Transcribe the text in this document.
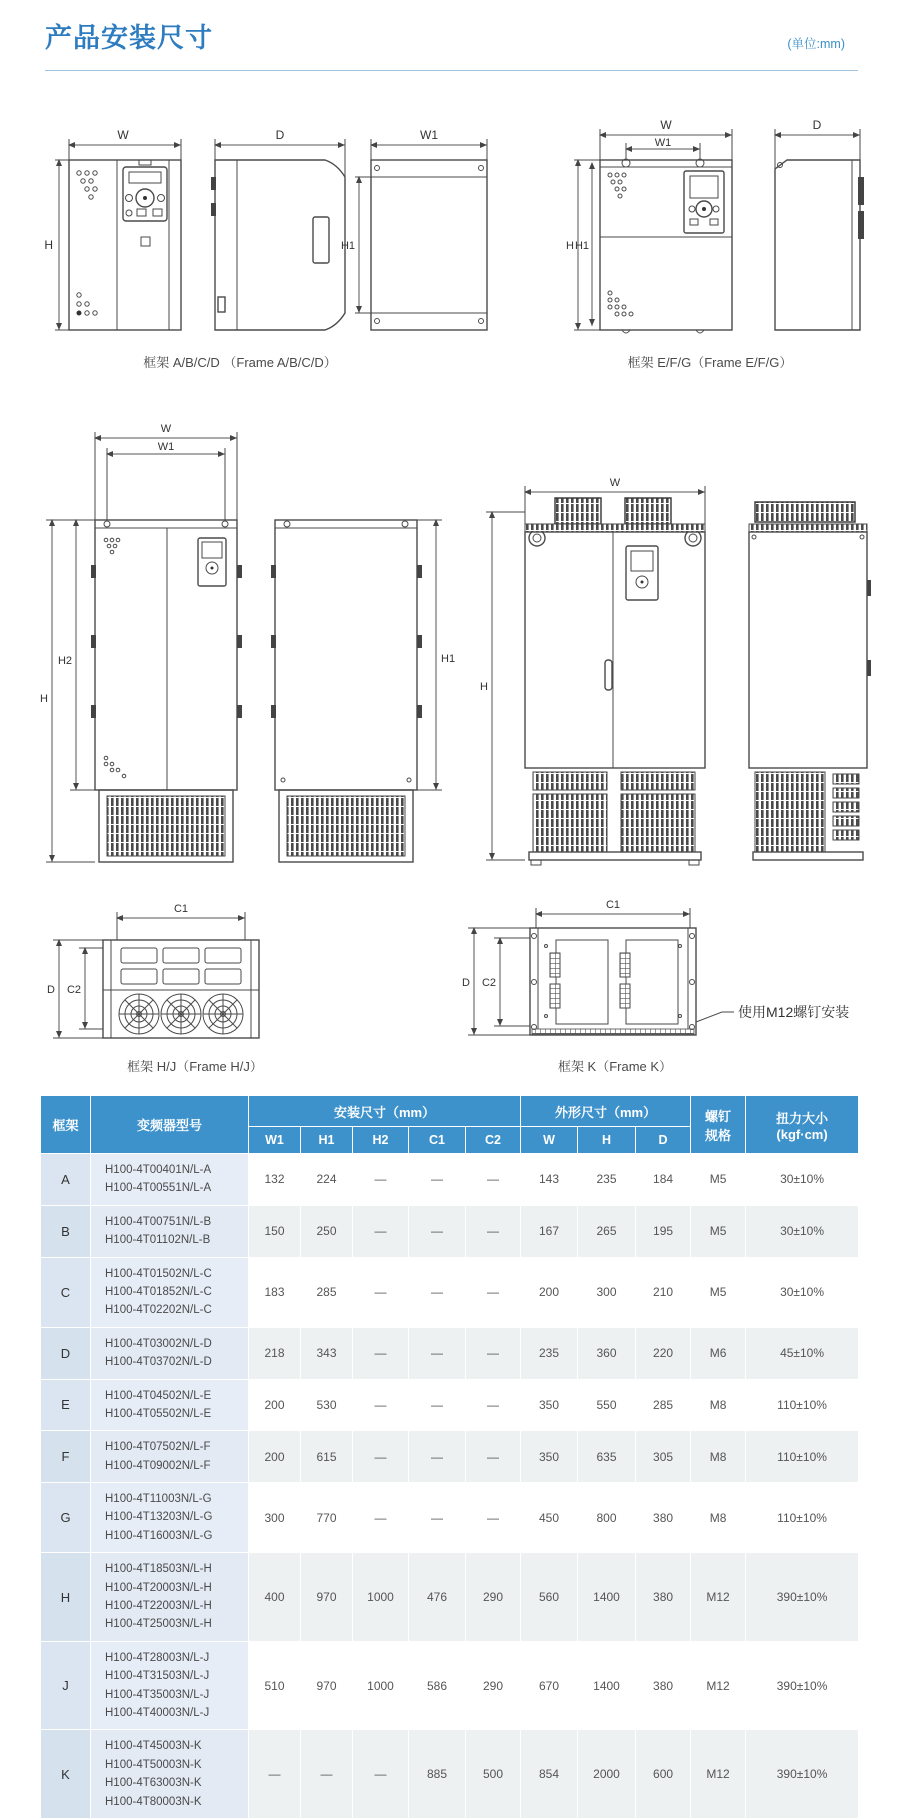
产品安装尺寸	(单位:mm)
W
H
D	W1
H1
W
W1
H H1
D
框架 A/B/C/D （Frame A/B/C/D）	框架 E/F/G（Frame E/F/G）
W
W1
H
H2	H1
W
H
C1
D C2
C1
D C2
使用M12螺钉安装
框架 H/J（Frame H/J）	框架 K（Frame K）
框架	变频器型号	安装尺寸（mm）	外形尺寸（mm）	螺钉
规格

扭力大小
(kgf·cm)

		W1	H1	H2	C1	C2	W	H	D		
A	H100-4T00401N/L-A
H100-4T00551N/L-A	132	224	—	—	—	143	235	184	M5	30±10%
B	H100-4T00751N/L-B
H100-4T01102N/L-B	150	250	—	—	—	167	265	195	M5	30±10%
C	H100-4T01502N/L-C
H100-4T01852N/L-C
H100-4T02202N/L-C	183	285	—	—	—	200	300	210	M5	30±10%
D	H100-4T03002N/L-D
H100-4T03702N/L-D	218	343	—	—	—	235	360	220	M6	45±10%
E	H100-4T04502N/L-E
H100-4T05502N/L-E	200	530	—	—	—	350	550	285	M8	110±10%
F	H100-4T07502N/L-F
H100-4T09002N/L-F	200	615	—	—	—	350	635	305	M8	110±10%
G	H100-4T11003N/L-G
H100-4T13203N/L-G
H100-4T16003N/L-G	300	770	—	—	—	450	800	380	M8	110±10%
H	H100-4T18503N/L-H
H100-4T20003N/L-H
H100-4T22003N/L-H
H100-4T25003N/L-H	400	970	1000	476	290	560	1400	380	M12	390±10%
J	H100-4T28003N/L-J
H100-4T31503N/L-J
H100-4T35003N/L-J
H100-4T40003N/L-J	510	970	1000	586	290	670	1400	380	M12	390±10%
K	H100-4T45003N-K
H100-4T50003N-K
H100-4T63003N-K
H100-4T80003N-K	—	—	—	885	500	854	2000	600	M12	390±10%
